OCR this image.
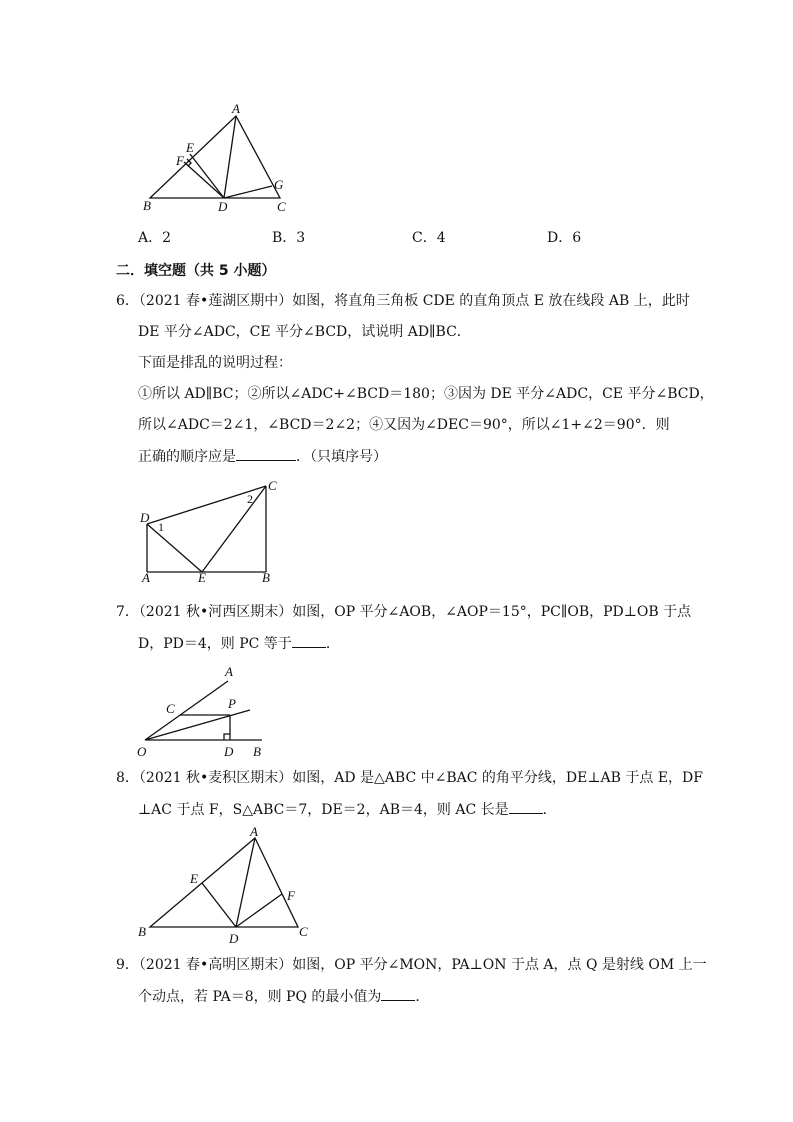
A
B	C
D
E
F
G
A．2	B．3	C．4	D．6
二．填空题（共 5 小题）
6．（2021 春•莲湖区期中）如图，将直角三角板 CDE 的直角顶点 E 放在线段 AB 上，此时
DE 平分∠ADC，CE 平分∠BCD，试说明 AD∥BC．
下面是排乱的说明过程：
①所以 AD∥BC；②所以∠ADC+∠BCD＝180；③因为 DE 平分∠ADC，CE 平分∠BCD，
所以∠ADC＝2∠1，∠BCD＝2∠2；④又因为∠DEC＝90°，所以∠1+∠2＝90°．则
正确的顺序应是	．（只填序号）
A	B
C
D
E
1
2
7．（2021 秋•河西区期末）如图，OP 平分∠AOB，∠AOP＝15°，PC∥OB，PD⊥OB 于点
D，PD＝4，则 PC 等于 ．
O
A
B
C
D
P
8．（2021 秋•麦积区期末）如图，AD 是△ABC 中∠BAC 的角平分线，DE⊥AB 于点 E，DF
⊥AC 于点 F，S△ABC＝7，DE＝2，AB＝4，则 AC 长是 ．
A
B	C
D
E
F
9．（2021 春•高明区期末）如图，OP 平分∠MON，PA⊥ON 于点 A，点 Q 是射线 OM 上一
个动点，若 PA＝8，则 PQ 的最小值为 ．
